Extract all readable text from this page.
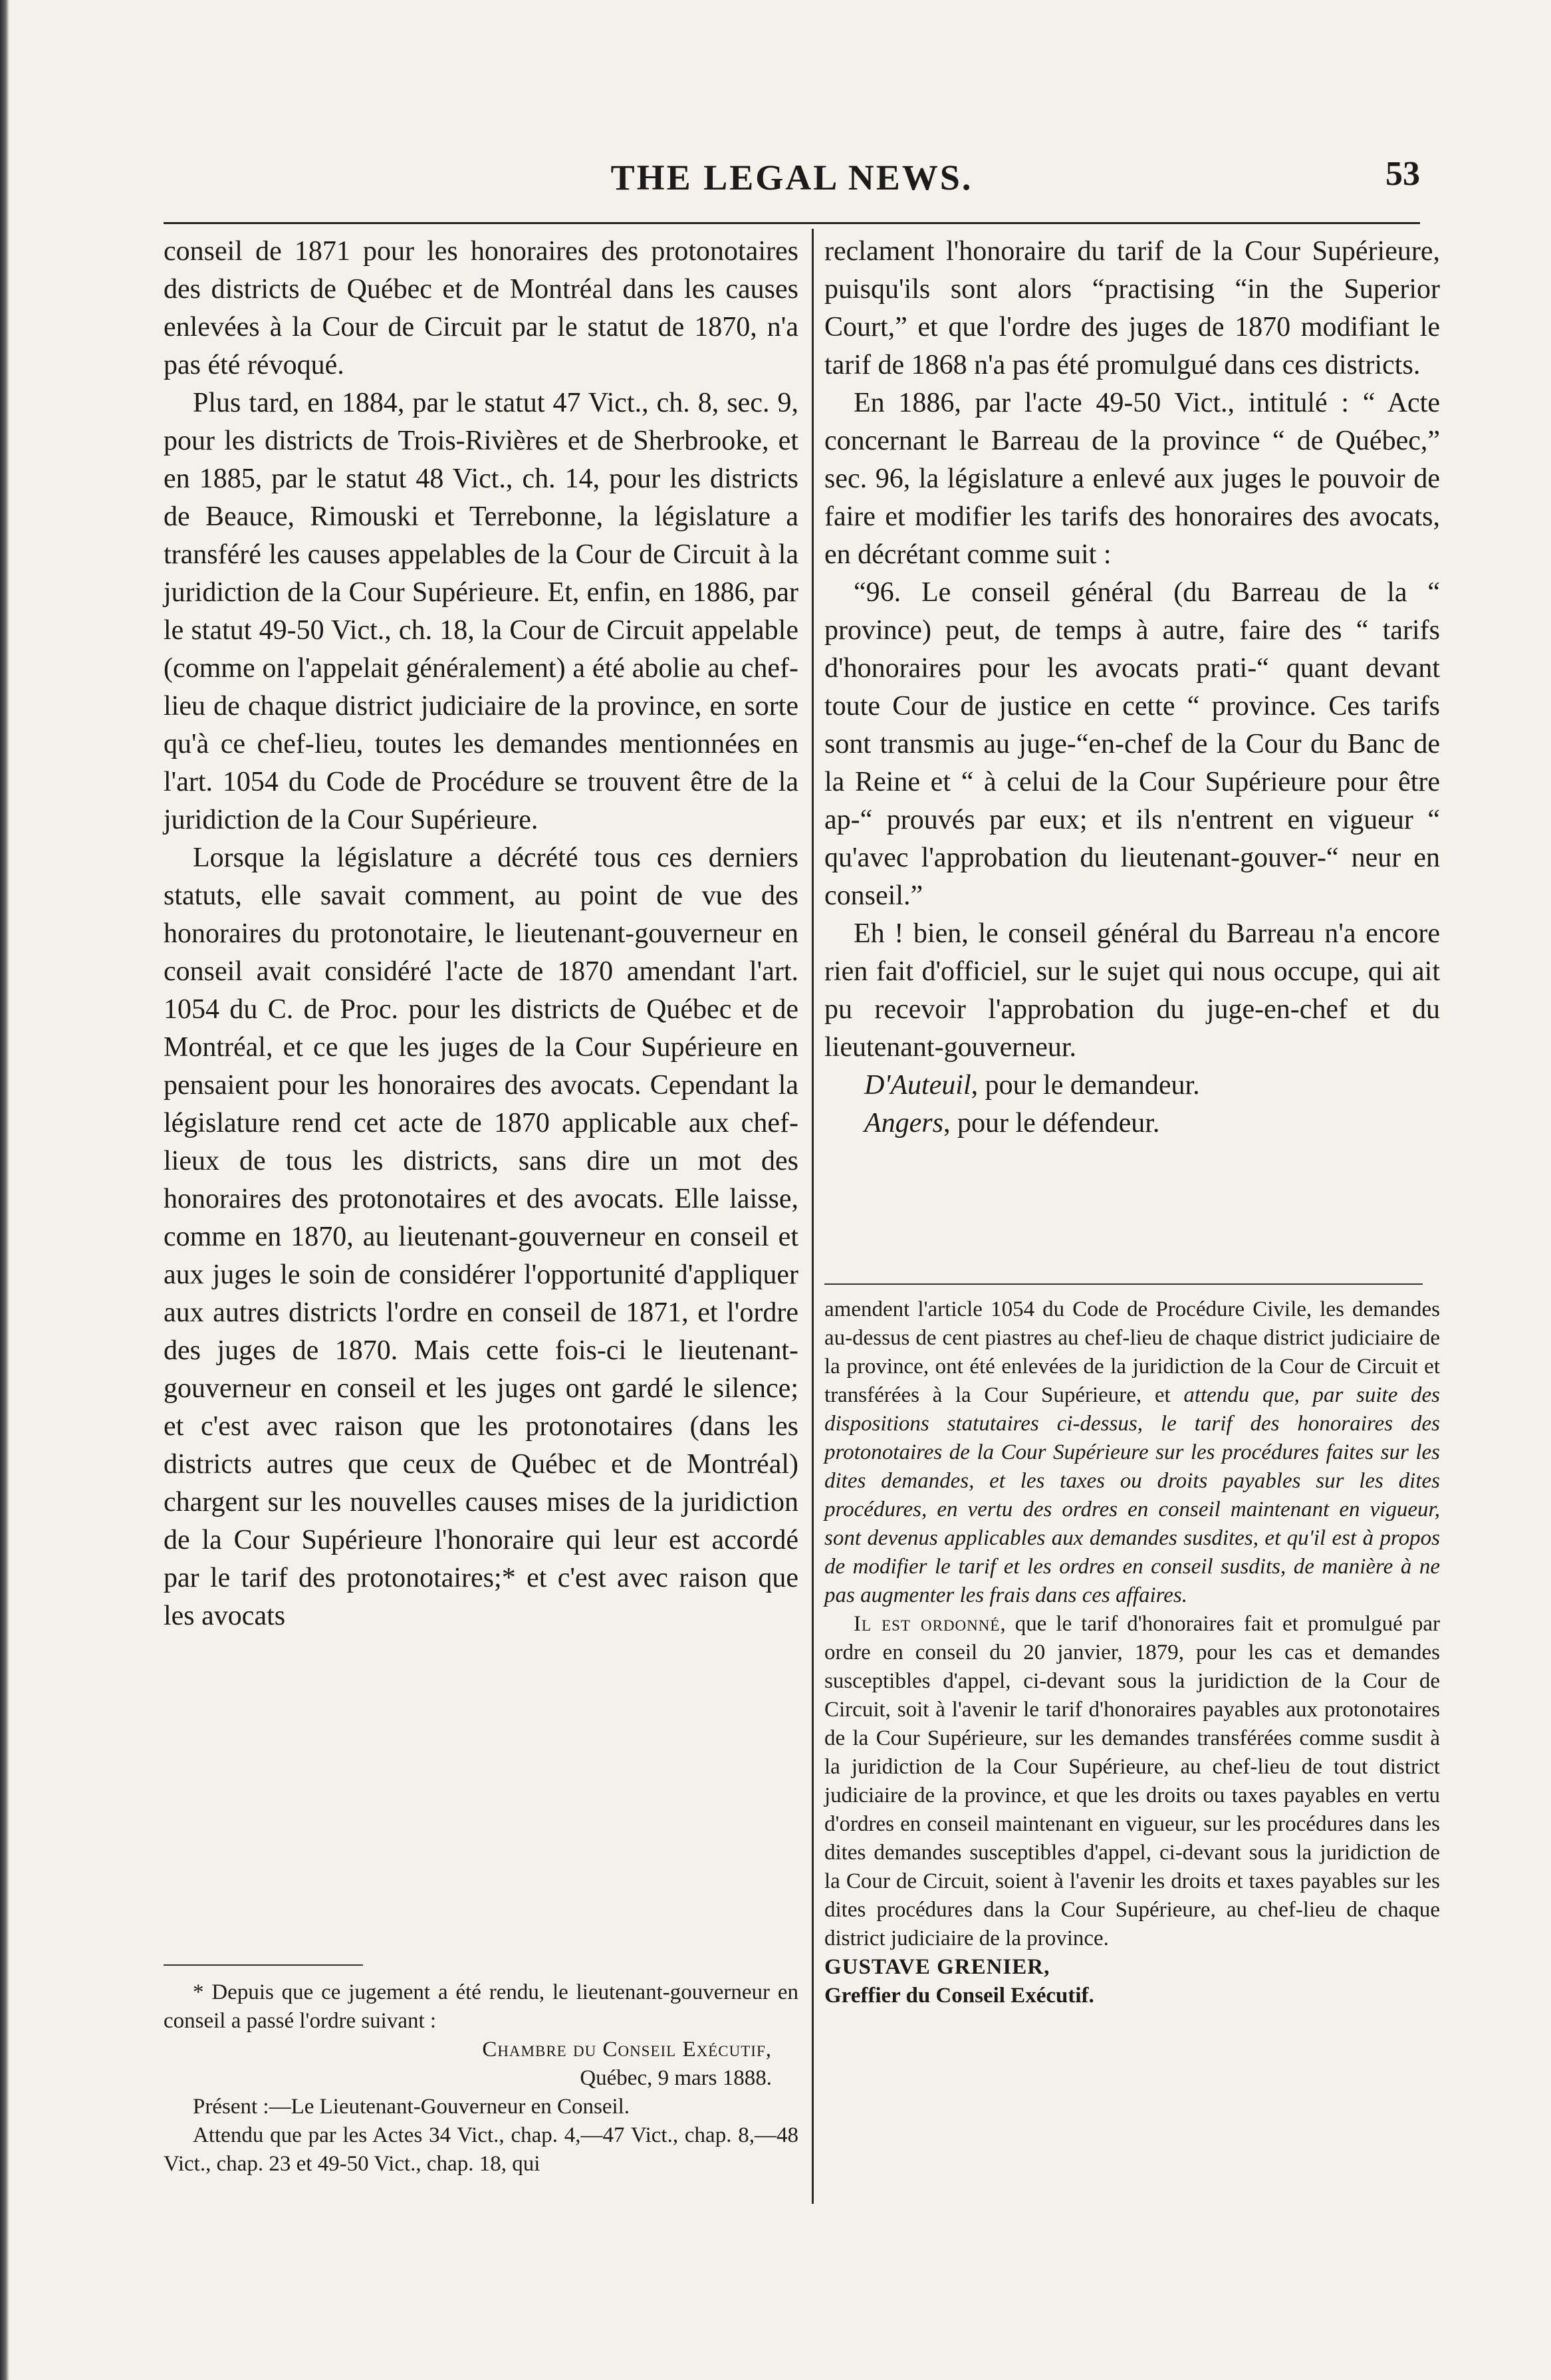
THE LEGAL NEWS.	53

conseil de 1871 pour les honoraires des protonotaires des districts de Québec et de Montréal dans les causes enlevées à la Cour de Circuit par le statut de 1870, n'a pas été révoqué.

Plus tard, en 1884, par le statut 47 Vict., ch. 8, sec. 9, pour les districts de Trois-Rivières et de Sherbrooke, et en 1885, par le statut 48 Vict., ch. 14, pour les districts de Beauce, Rimouski et Terrebonne, la législature a transféré les causes appelables de la Cour de Circuit à la juridiction de la Cour Supérieure. Et, enfin, en 1886, par le statut 49-50 Vict., ch. 18, la Cour de Circuit appelable (comme on l'appelait généralement) a été abolie au chef-lieu de chaque district judiciaire de la province, en sorte qu'à ce chef-lieu, toutes les demandes mentionnées en l'art. 1054 du Code de Procédure se trouvent être de la juridiction de la Cour Supérieure.

Lorsque la législature a décrété tous ces derniers statuts, elle savait comment, au point de vue des honoraires du protonotaire, le lieutenant-gouverneur en conseil avait considéré l'acte de 1870 amendant l'art. 1054 du C. de Proc. pour les districts de Québec et de Montréal, et ce que les juges de la Cour Supérieure en pensaient pour les honoraires des avocats. Cependant la législature rend cet acte de 1870 applicable aux chef-lieux de tous les districts, sans dire un mot des honoraires des protonotaires et des avocats. Elle laisse, comme en 1870, au lieutenant-gouverneur en conseil et aux juges le soin de considérer l'opportunité d'appliquer aux autres districts l'ordre en conseil de 1871, et l'ordre des juges de 1870. Mais cette fois-ci le lieutenant-gouverneur en conseil et les juges ont gardé le silence; et c'est avec raison que les protonotaires (dans les districts autres que ceux de Québec et de Montréal) chargent sur les nouvelles causes mises de la juridiction de la Cour Supérieure l'honoraire qui leur est accordé par le tarif des protonotaires;* et c'est avec raison que les avocats

* Depuis que ce jugement a été rendu, le lieutenant-gouverneur en conseil a passé l'ordre suivant :

Chambre du Conseil Exécutif,

Québec, 9 mars 1888.

Présent :—Le Lieutenant-Gouverneur en Conseil.

Attendu que par les Actes 34 Vict., chap. 4,—47 Vict., chap. 8,—48 Vict., chap. 23 et 49-50 Vict., chap. 18, qui

reclament l'honoraire du tarif de la Cour Supérieure, puisqu'ils sont alors “practising “in the Superior Court,” et que l'ordre des juges de 1870 modifiant le tarif de 1868 n'a pas été promulgué dans ces districts.

En 1886, par l'acte 49-50 Vict., intitulé : “ Acte concernant le Barreau de la province “ de Québec,” sec. 96, la législature a enlevé aux juges le pouvoir de faire et modifier les tarifs des honoraires des avocats, en décrétant comme suit :

“96. Le conseil général (du Barreau de la “ province) peut, de temps à autre, faire des “ tarifs d'honoraires pour les avocats prati-“ quant devant toute Cour de justice en cette “ province. Ces tarifs sont transmis au juge-“en-chef de la Cour du Banc de la Reine et “ à celui de la Cour Supérieure pour être ap-“ prouvés par eux; et ils n'entrent en vigueur “ qu'avec l'approbation du lieutenant-gouver-“ neur en conseil.”

Eh ! bien, le conseil général du Barreau n'a encore rien fait d'officiel, sur le sujet qui nous occupe, qui ait pu recevoir l'approbation du juge-en-chef et du lieutenant-gouverneur.

D'Auteuil, pour le demandeur.

Angers, pour le défendeur.

amendent l'article 1054 du Code de Procédure Civile, les demandes au-dessus de cent piastres au chef-lieu de chaque district judiciaire de la province, ont été enlevées de la juridiction de la Cour de Circuit et transférées à la Cour Supérieure, et attendu que, par suite des dispositions statutaires ci-dessus, le tarif des honoraires des protonotaires de la Cour Supérieure sur les procédures faites sur les dites demandes, et les taxes ou droits payables sur les dites procédures, en vertu des ordres en conseil maintenant en vigueur, sont devenus applicables aux demandes susdites, et qu'il est à propos de modifier le tarif et les ordres en conseil susdits, de manière à ne pas augmenter les frais dans ces affaires.

Il est ordonné, que le tarif d'honoraires fait et promulgué par ordre en conseil du 20 janvier, 1879, pour les cas et demandes susceptibles d'appel, ci-devant sous la juridiction de la Cour de Circuit, soit à l'avenir le tarif d'honoraires payables aux protonotaires de la Cour Supérieure, sur les demandes transférées comme susdit à la juridiction de la Cour Supérieure, au chef-lieu de tout district judiciaire de la province, et que les droits ou taxes payables en vertu d'ordres en conseil maintenant en vigueur, sur les procédures dans les dites demandes susceptibles d'appel, ci-devant sous la juridiction de la Cour de Circuit, soient à l'avenir les droits et taxes payables sur les dites procédures dans la Cour Supérieure, au chef-lieu de chaque district judiciaire de la province.

GUSTAVE GRENIER,

Greffier du Conseil Exécutif.
